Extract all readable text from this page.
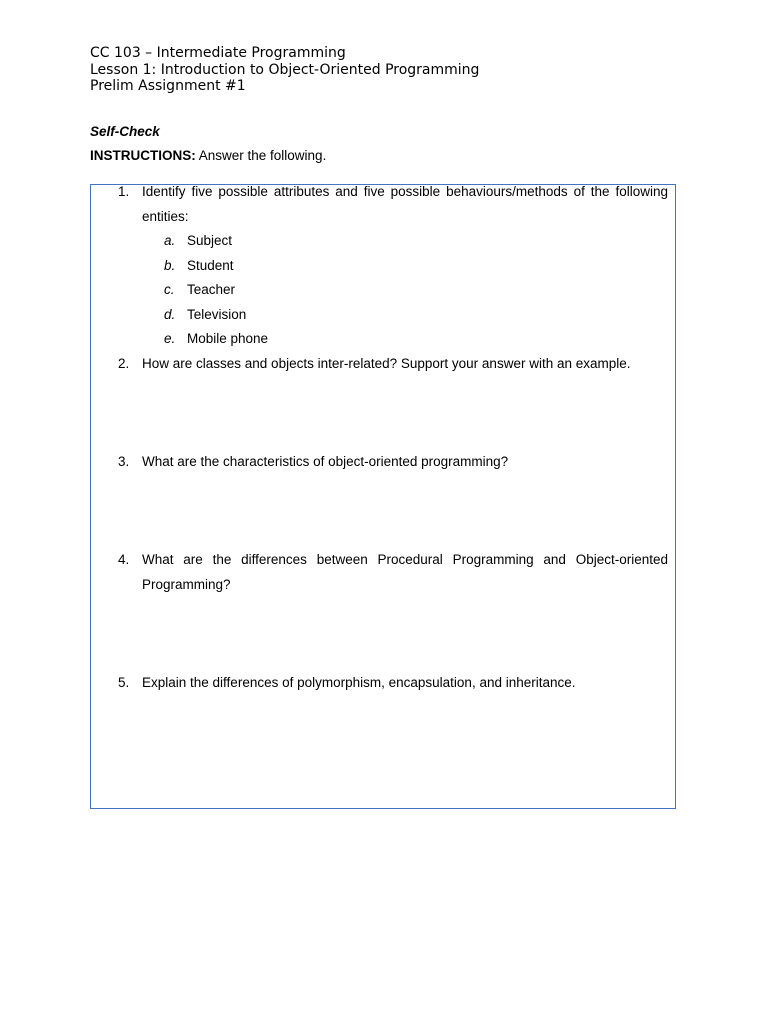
CC 103 – Intermediate Programming
Lesson 1: Introduction to Object-Oriented Programming
Prelim Assignment #1
Self-Check
INSTRUCTIONS: Answer the following.
1. Identify five possible attributes and five possible behaviours/methods of the following entities:
a. Subject
b. Student
c. Teacher
d. Television
e. Mobile phone
2. How are classes and objects inter-related? Support your answer with an example.
3. What are the characteristics of object-oriented programming?
4. What are the differences between Procedural Programming and Object-oriented Programming?
5. Explain the differences of polymorphism, encapsulation, and inheritance.
